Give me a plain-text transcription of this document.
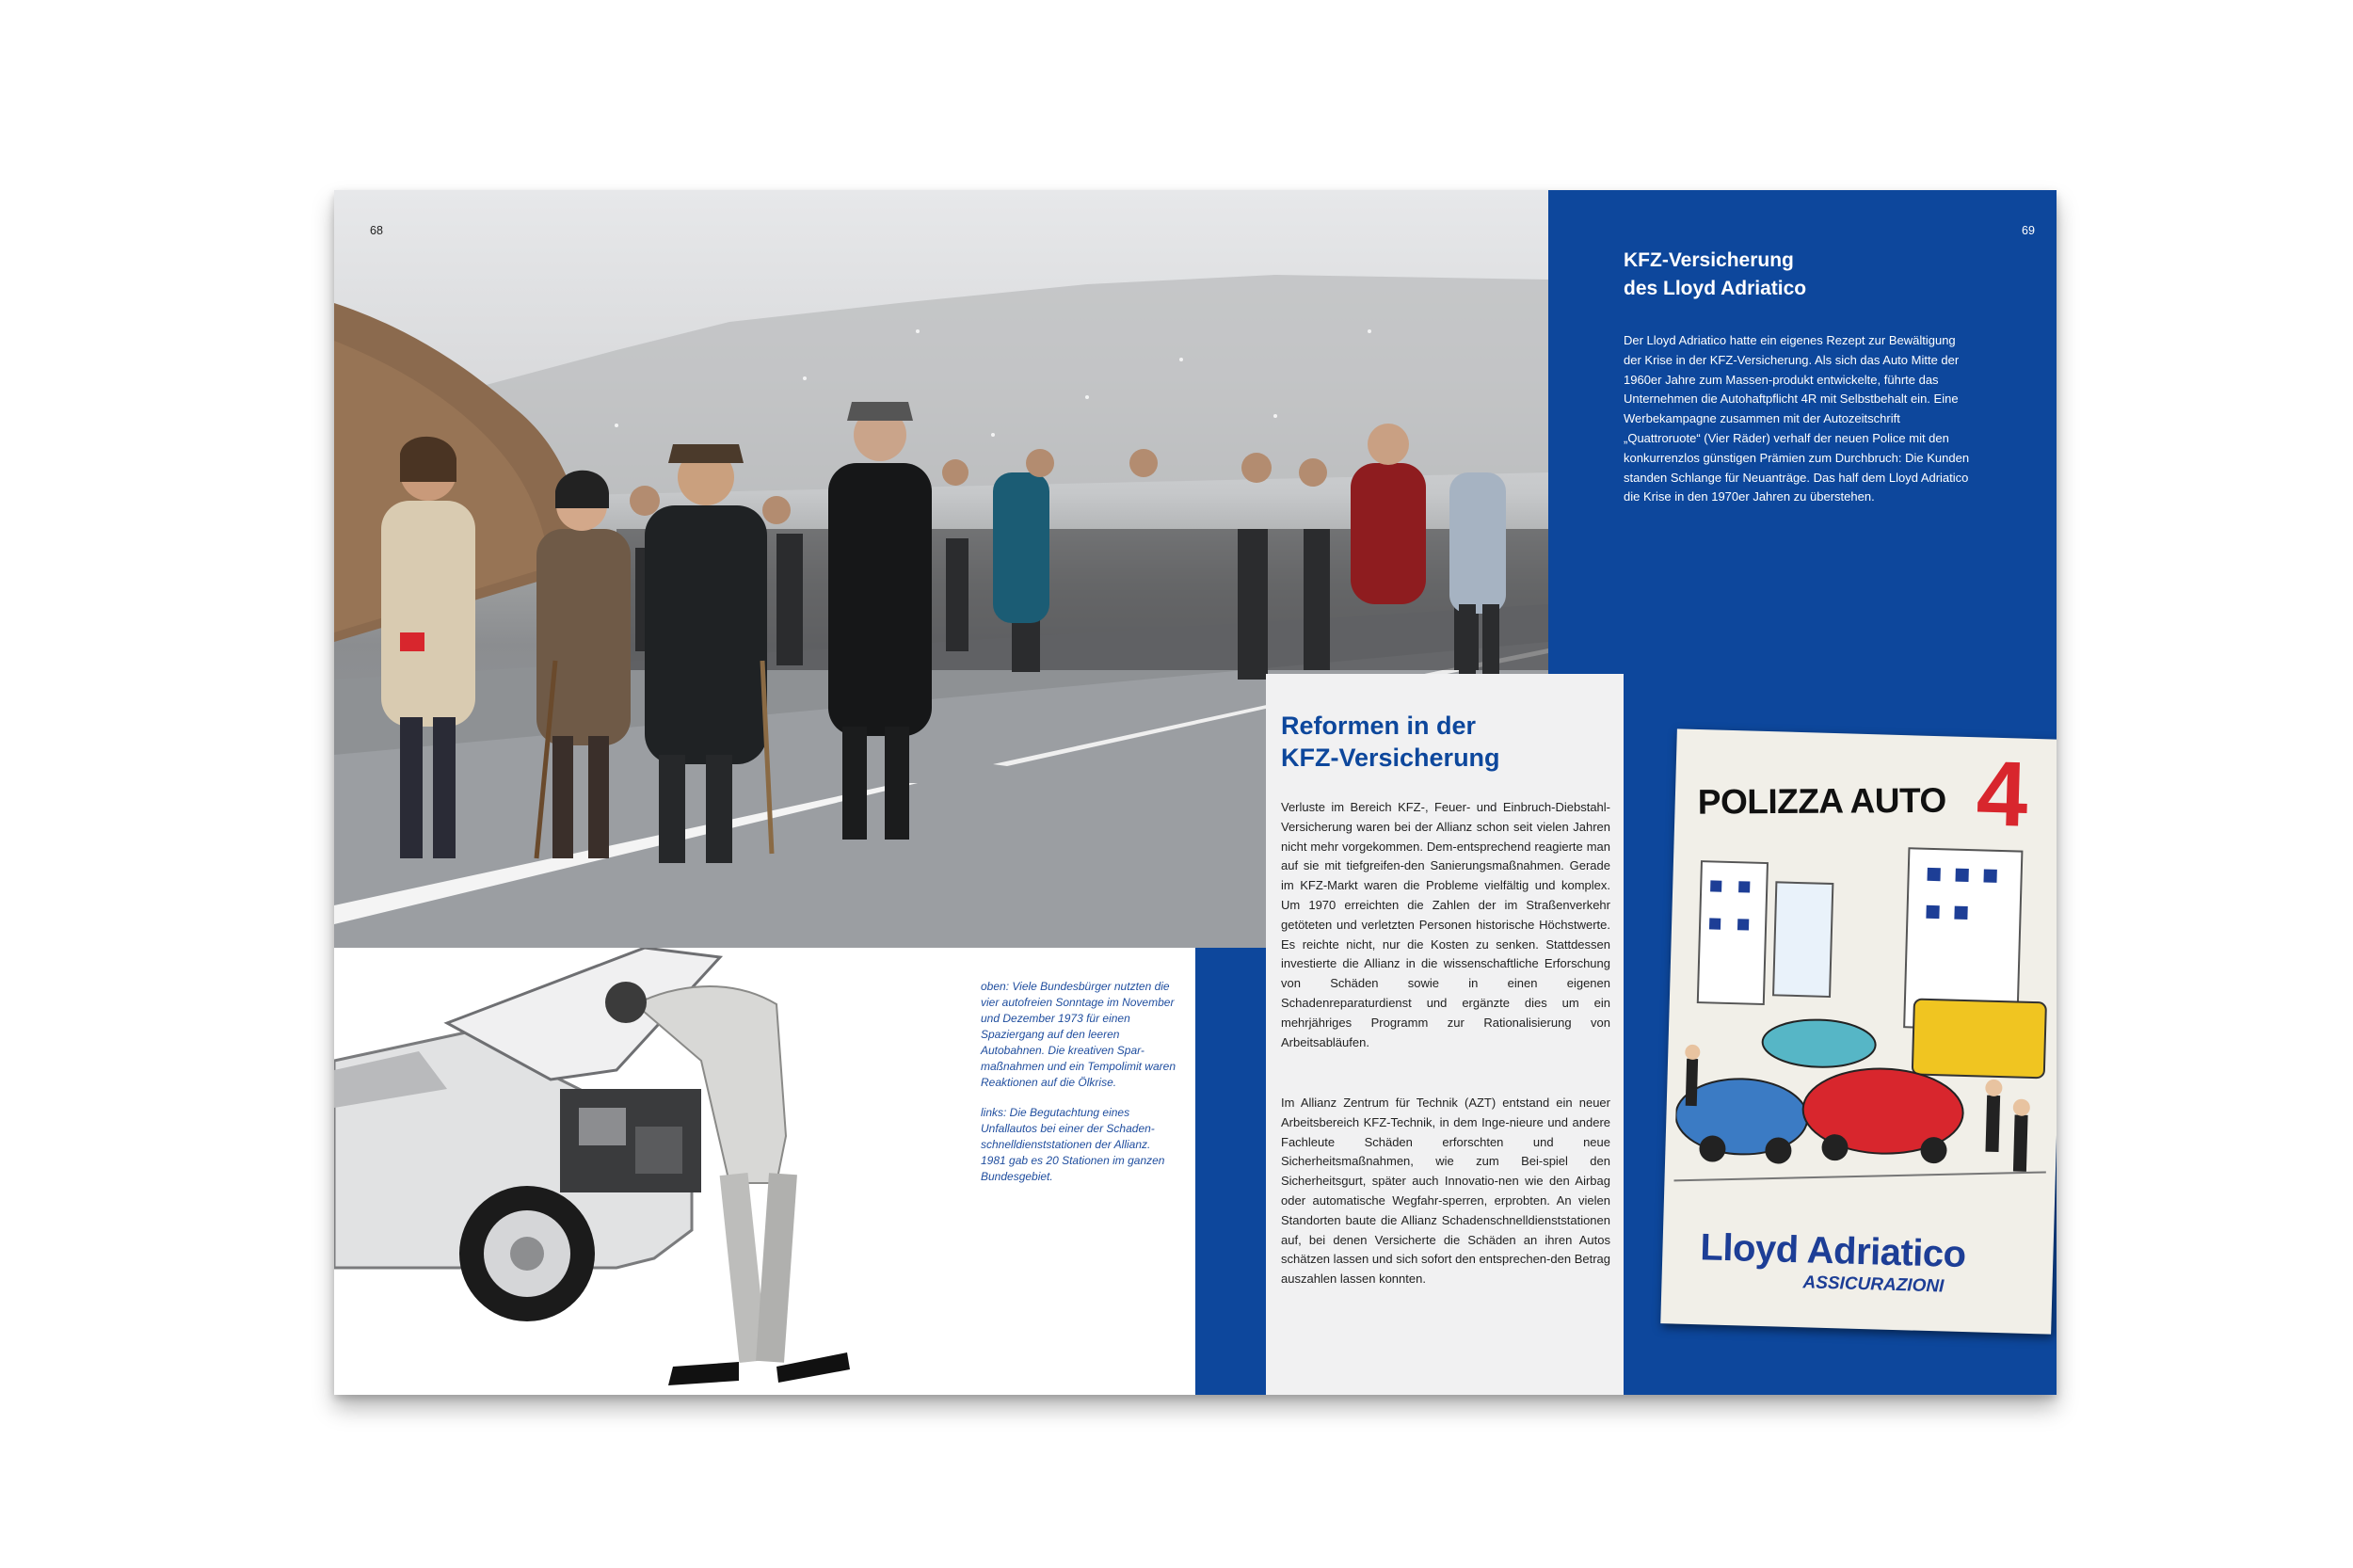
68	69
oben: Viele Bundesbürger nutzten die vier autofreien Sonntage im November und Dezember 1973 für einen Spaziergang auf den leeren Autobahnen. Die kreativen Spar-maßnahmen und ein Tempolimit waren Reaktionen auf die Ölkrise.
links: Die Begutachtung eines Unfallautos bei einer der Schaden-schnelldienststationen der Allianz. 1981 gab es 20 Stationen im ganzen Bundesgebiet.
Reformen in der
KFZ-Versicherung

Verluste im Bereich KFZ-, Feuer- und Einbruch-Diebstahl-Versicherung waren bei der Allianz schon seit vielen Jahren nicht mehr vorgekommen. Dem-entsprechend reagierte man auf sie mit tiefgreifen-den Sanierungsmaßnahmen. Gerade im KFZ-Markt waren die Probleme vielfältig und komplex. Um 1970 erreichten die Zahlen der im Straßenverkehr getöteten und verletzten Personen historische Höchstwerte. Es reichte nicht, nur die Kosten zu senken. Stattdessen investierte die Allianz in die wissenschaftliche Erforschung von Schäden sowie in einen eigenen Schadenreparaturdienst und ergänzte dies um ein mehrjähriges Programm zur Rationalisierung von Arbeitsabläufen.

Im Allianz Zentrum für Technik (AZT) entstand ein neuer Arbeitsbereich KFZ-Technik, in dem Inge-nieure und andere Fachleute Schäden erforschten und neue Sicherheitsmaßnahmen, wie zum Bei-spiel den Sicherheitsgurt, später auch Innovatio-nen wie den Airbag oder automatische Wegfahr-sperren, erprobten. An vielen Standorten baute die Allianz Schadenschnelldienststationen auf, bei denen Versicherte die Schäden an ihren Autos schätzen lassen und sich sofort den entsprechen-den Betrag auszahlen lassen konnten.

KFZ-Versicherung
des Lloyd Adriatico

Der Lloyd Adriatico hatte ein eigenes Rezept zur Bewältigung der Krise in der KFZ-Versicherung. Als sich das Auto Mitte der 1960er Jahre zum Massen-produkt entwickelte, führte das Unternehmen die Autohaftpflicht 4R mit Selbstbehalt ein. Eine Werbekampagne zusammen mit der Autozeitschrift „Quattroruote“ (Vier Räder) verhalf der neuen Police mit den konkurrenzlos günstigen Prämien zum Durchbruch: Die Kunden standen Schlange für Neuanträge. Das half dem Lloyd Adriatico die Krise in den 1970er Jahren zu überstehen.

4
POLIZZA AUTO
Lloyd Adriatico
ASSICURAZIONI
